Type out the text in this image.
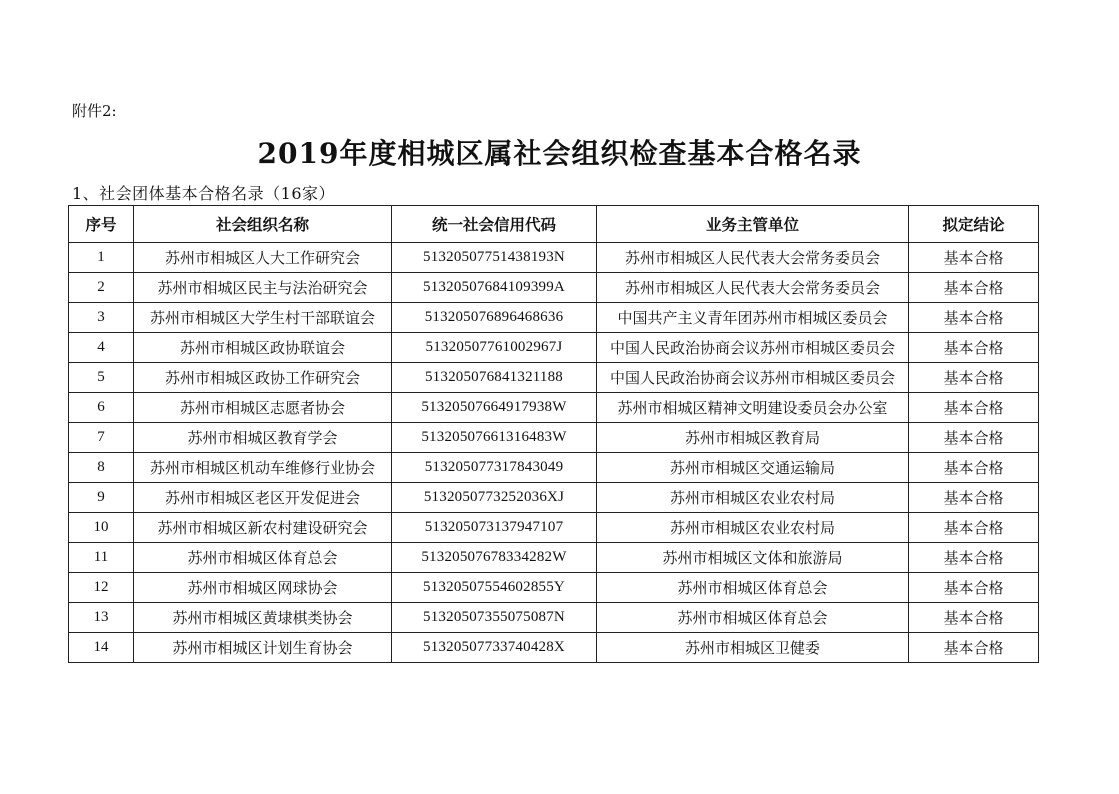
附件2:
2019年度相城区属社会组织检查基本合格名录
1、社会团体基本合格名录（16家）
序号	社会组织名称	统一社会信用代码	业务主管单位	拟定结论
1	苏州市相城区人大工作研究会	51320507751438193N	苏州市相城区人民代表大会常务委员会	基本合格
2	苏州市相城区民主与法治研究会	51320507684109399A	苏州市相城区人民代表大会常务委员会	基本合格
3	苏州市相城区大学生村干部联谊会	513205076896468636	中国共产主义青年团苏州市相城区委员会	基本合格
4	苏州市相城区政协联谊会	51320507761002967J	中国人民政治协商会议苏州市相城区委员会	基本合格
5	苏州市相城区政协工作研究会	513205076841321188	中国人民政治协商会议苏州市相城区委员会	基本合格
6	苏州市相城区志愿者协会	51320507664917938W	苏州市相城区精神文明建设委员会办公室	基本合格
7	苏州市相城区教育学会	51320507661316483W	苏州市相城区教育局	基本合格
8	苏州市相城区机动车维修行业协会	513205077317843049	苏州市相城区交通运输局	基本合格
9	苏州市相城区老区开发促进会	5132050773252036XJ	苏州市相城区农业农村局	基本合格
10	苏州市相城区新农村建设研究会	513205073137947107	苏州市相城区农业农村局	基本合格
11	苏州市相城区体育总会	51320507678334282W	苏州市相城区文体和旅游局	基本合格
12	苏州市相城区网球协会	51320507554602855Y	苏州市相城区体育总会	基本合格
13	苏州市相城区黄埭棋类协会	51320507355075087N	苏州市相城区体育总会	基本合格
14	苏州市相城区计划生育协会	51320507733740428X	苏州市相城区卫健委	基本合格
